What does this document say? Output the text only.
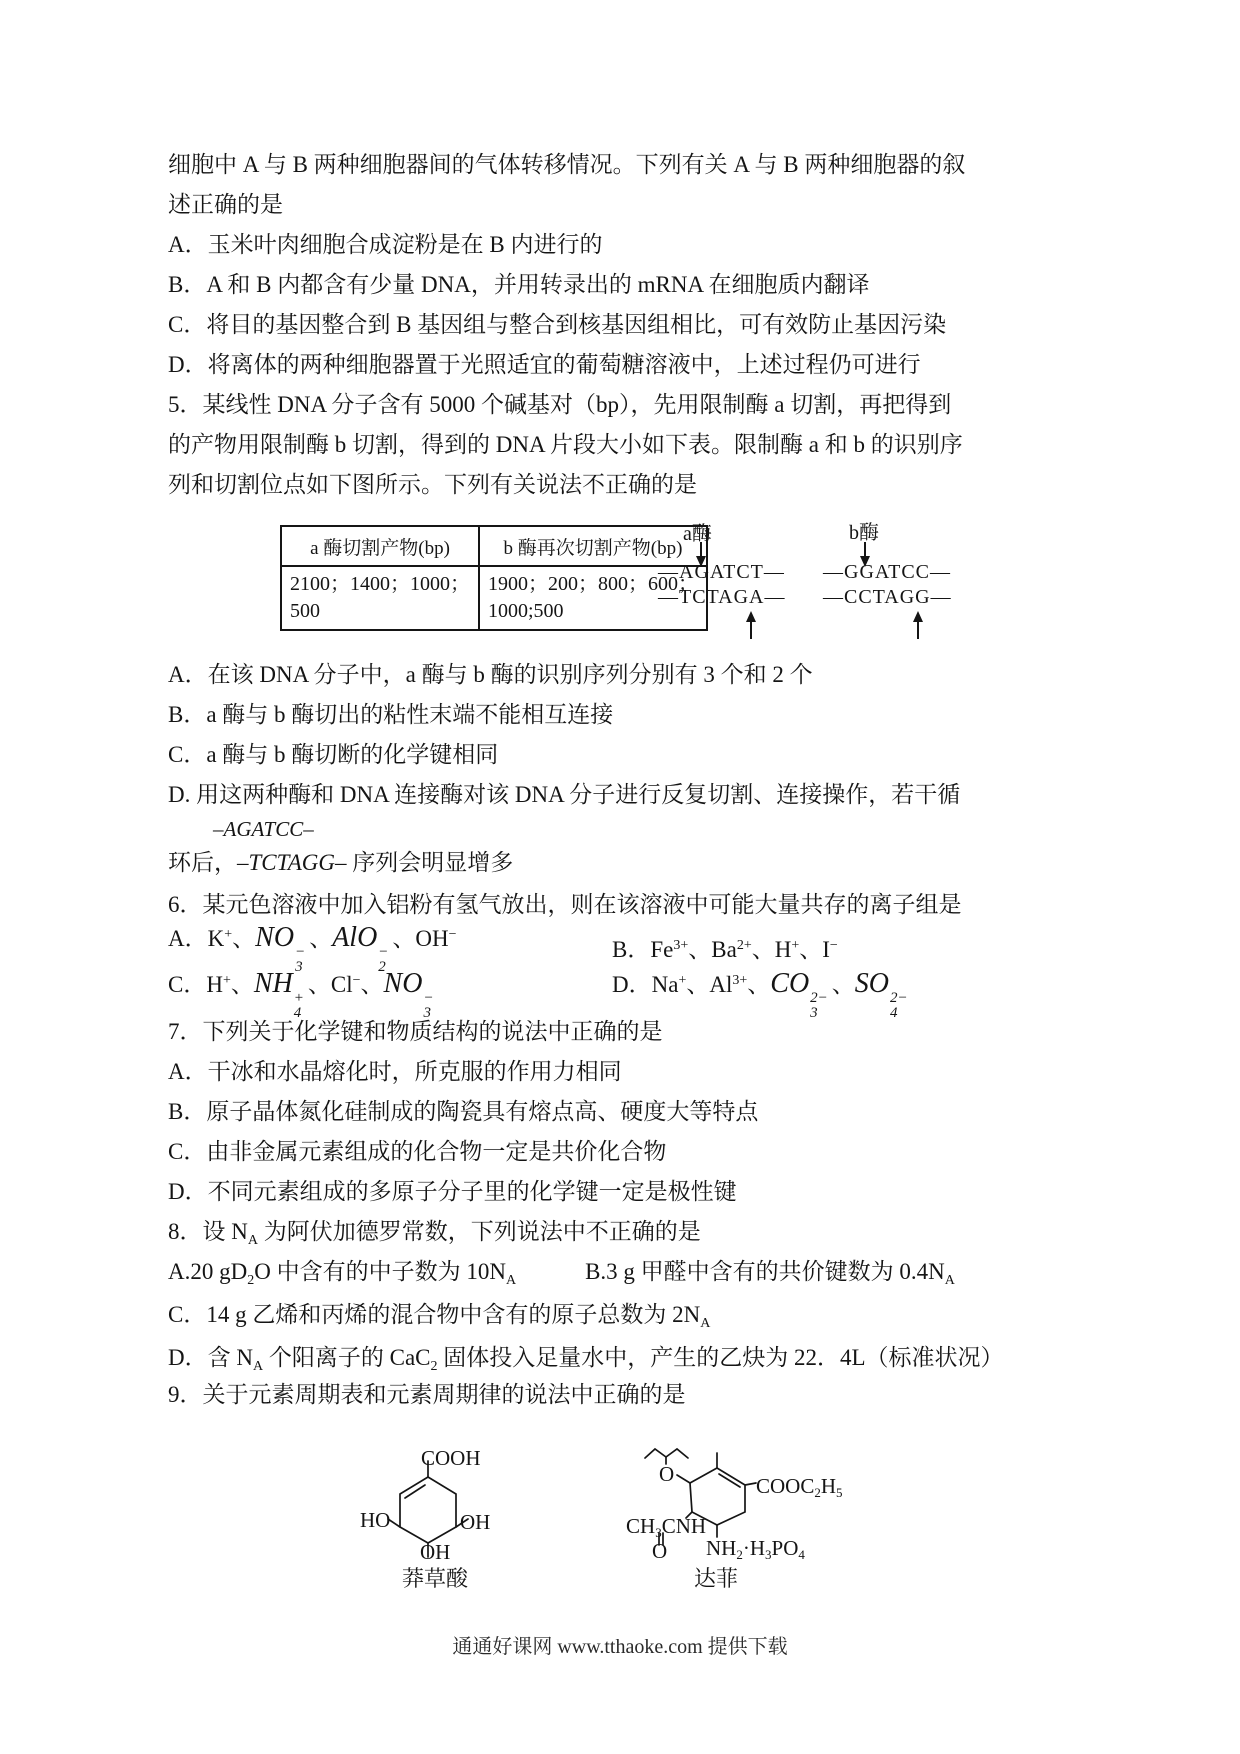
细胞中 A 与 B 两种细胞器间的气体转移情况。下列有关 A 与 B 两种细胞器的叙
述正确的是
A．玉米叶肉细胞合成淀粉是在 B 内进行的
B．A 和 B 内都含有少量 DNA，并用转录出的 mRNA 在细胞质内翻译
C．将目的基因整合到 B 基因组与整合到核基因组相比，可有效防止基因污染
D．将离体的两种细胞器置于光照适宜的葡萄糖溶液中，上述过程仍可进行
5．某线性 DNA 分子含有 5000 个碱基对（bp），先用限制酶 a 切割，再把得到
的产物用限制酶 b 切割，得到的 DNA 片段大小如下表。限制酶 a 和 b 的识别序
列和切割位点如下图所示。下列有关说法不正确的是
a 酶切割产物(bp)	b 酶再次切割产物(bp)

2100；1400；1000；
500

1900；200；800；600；
1000;500
a酶
—AGATCT—
—TCTAGA—
b酶
—GGATCC—
—CCTAGG—
A．在该 DNA 分子中，a 酶与 b 酶的识别序列分别有 3 个和 2 个
B．a 酶与 b 酶切出的粘性末端不能相互连接
C．a 酶与 b 酶切断的化学键相同
D. 用这两种酶和 DNA 连接酶对该 DNA 分子进行反复切割、连接操作，若干循
–AGATCC–
环后，–TCTAGG– 序列会明显增多
6．某元色溶液中加入铝粉有氢气放出，则在该溶液中可能大量共存的离子组是
A．K+、NO −
3
、AlO −
2
、OH−
B．$Fe^{3+}$、$Ba^{2+}$、H+、I−
C．H+、NH +
4
、Cl−、NO −
3
D．Na+、$Al^{3+}$、CO 2−
3
、SO 2−
4
7．下列关于化学键和物质结构的说法中正确的是
A．干冰和水晶熔化时，所克服的作用力相同
B．原子晶体氮化硅制成的陶瓷具有熔点高、硬度大等特点
C．由非金属元素组成的化合物一定是共价化合物
D．不同元素组成的多原子分子里的化学键一定是极性键
8．设 $N_A$ 为阿伏加德罗常数，下列说法中不正确的是
A.20 $gD_2O$ 中含有的中子数为 $10N_A$　　　B.3 g 甲醛中含有的共价键数为 $0.4N_A$
C．14 g 乙烯和丙烯的混合物中含有的原子总数为 $2N_A$
D．含 $N_A$ 个阳离子的 CaC$_2$ 固体投入足量水中，产生的乙炔为 22．4L（标准状况）
9．关于元素周期表和元素周期律的说法中正确的是
COOH
HO	OH
OH
莽草酸
O	$COOC_2H_5$
$CH_3CNH$
O $NH_2\cdot H_3PO_4$
达菲
通通好课网 www.tthaoke.com 提供下载
